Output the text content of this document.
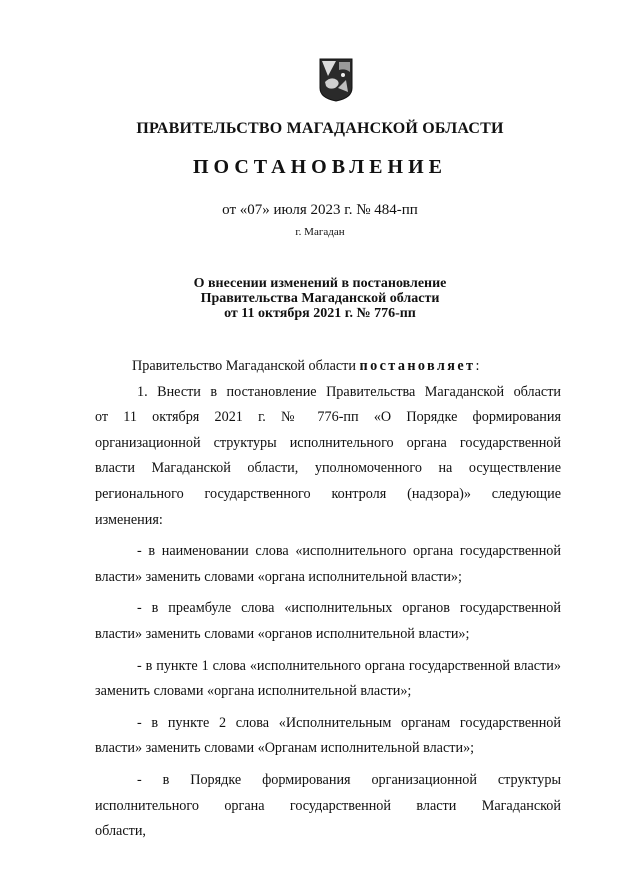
ПРАВИТЕЛЬСТВО МАГАДАНСКОЙ ОБЛАСТИ
ПОСТАНОВЛЕНИЕ
от «07» июля 2023 г. № 484-пп
г. Магадан
О внесении изменений в постановление
Правительства Магаданской области
от 11 октября 2021 г. № 776-пп

Правительство Магаданской области постановляет:

1. Внести в постановление Правительства Магаданской области от 11 октября 2021 г. № 776-пп «О Порядке формирования организационной структуры исполнительного органа государственной власти Магаданской области, уполномоченного на осуществление регионального государственного контроля (надзора)» следующие изменения:

- в наименовании слова «исполнительного органа государственной власти» заменить словами «органа исполнительной власти»;

- в преамбуле слова «исполнительных органов государственной власти» заменить словами «органов исполнительной власти»;

- в пункте 1 слова «исполнительного органа государственной власти» заменить словами «органа исполнительной власти»;

- в пункте 2 слова «Исполнительным органам государственной власти» заменить словами «Органам исполнительной власти»;

- в Порядке формирования организационной структуры исполнительного органа государственной власти Магаданской области,
